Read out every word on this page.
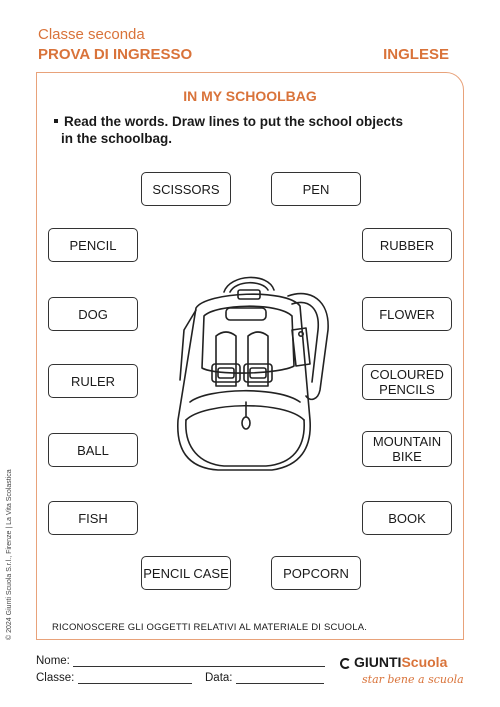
Classe seconda
PROVA DI INGRESSO	INGLESE
IN MY SCHOOLBAG
Read the words. Draw lines to put the school objects
in the schoolbag.
SCISSORS	PEN
PENCIL	RUBBER
DOG	FLOWER
RULER	COLOURED
PENCILS
BALL
MOUNTAIN
BIKE
FISH	BOOK
PENCIL CASE	POPCORN
RICONOSCERE GLI OGGETTI RELATIVI AL MATERIALE DI SCUOLA.
© 2024 Giunti Scuola S.r.l., Firenze | La Vita Scolastica
Nome:
Classe:	Data:
GIUNTIScuola
star bene a scuola
